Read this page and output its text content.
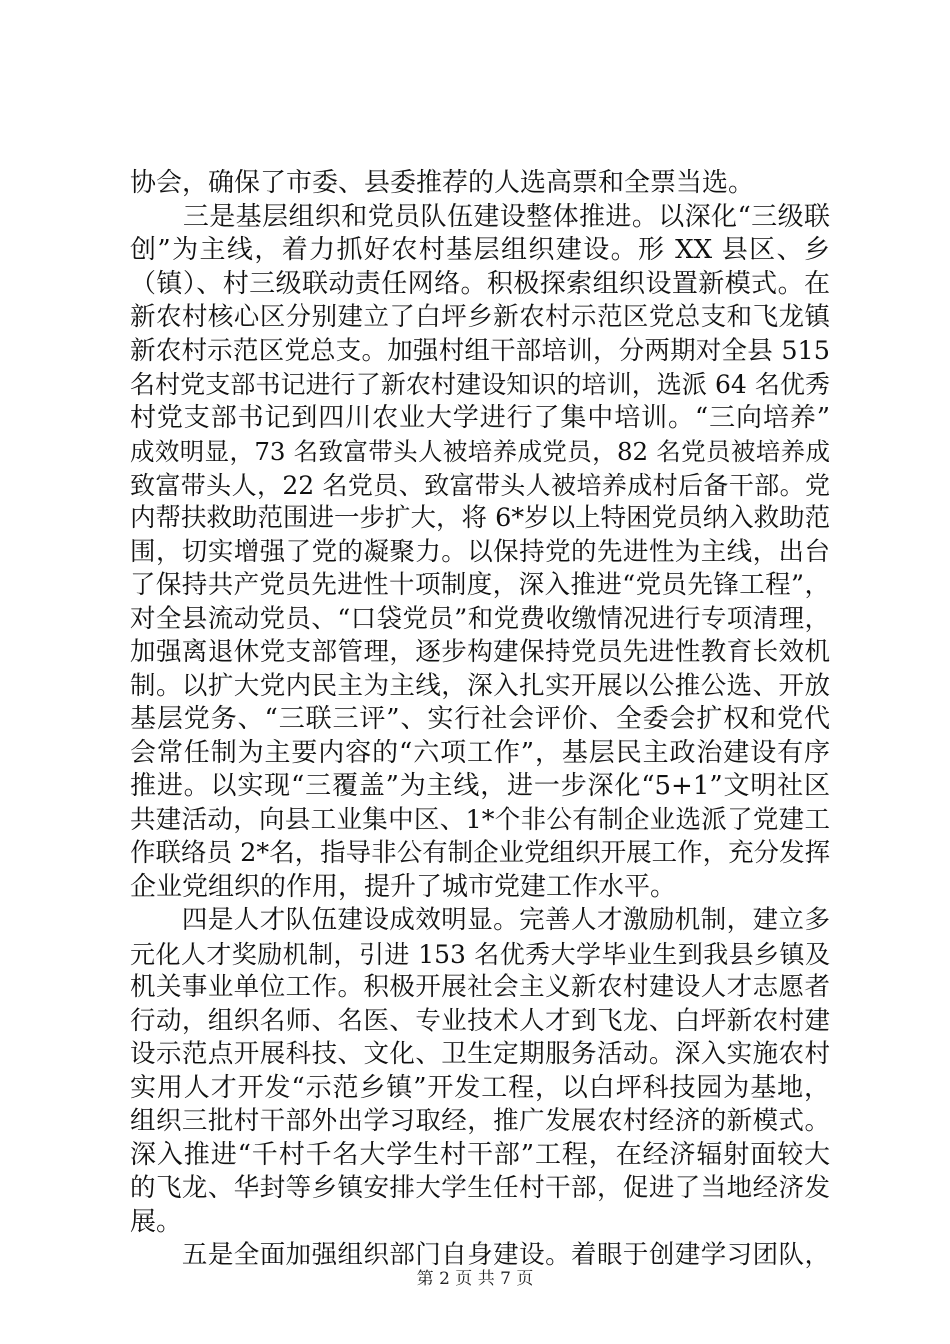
协会，确保了市委、县委推荐的人选高票和全票当选。
　　三是基层组织和党员队伍建设整体推进。以深化“三级联
创”为主线，着力抓好农村基层组织建设。形 XX 县区、乡
（镇）、村三级联动责任网络。积极探索组织设置新模式。在
新农村核心区分别建立了白坪乡新农村示范区党总支和飞龙镇
新农村示范区党总支。加强村组干部培训，分两期对全县 515
名村党支部书记进行了新农村建设知识的培训，选派 64 名优秀
村党支部书记到四川农业大学进行了集中培训。“三向培养”
成效明显，73 名致富带头人被培养成党员，82 名党员被培养成
致富带头人，22 名党员、致富带头人被培养成村后备干部。党
内帮扶救助范围进一步扩大，将 6*岁以上特困党员纳入救助范
围，切实增强了党的凝聚力。以保持党的先进性为主线，出台
了保持共产党员先进性十项制度，深入推进“党员先锋工程”，
对全县流动党员、“口袋党员”和党费收缴情况进行专项清理，
加强离退休党支部管理，逐步构建保持党员先进性教育长效机
制。以扩大党内民主为主线，深入扎实开展以公推公选、开放
基层党务、“三联三评”、实行社会评价、全委会扩权和党代
会常任制为主要内容的“六项工作”，基层民主政治建设有序
推进。以实现“三覆盖”为主线，进一步深化“5+1”文明社区
共建活动，向县工业集中区、1*个非公有制企业选派了党建工
作联络员 2*名，指导非公有制企业党组织开展工作，充分发挥
企业党组织的作用，提升了城市党建工作水平。
　　四是人才队伍建设成效明显。完善人才激励机制，建立多
元化人才奖励机制，引进 153 名优秀大学毕业生到我县乡镇及
机关事业单位工作。积极开展社会主义新农村建设人才志愿者
行动，组织名师、名医、专业技术人才到飞龙、白坪新农村建
设示范点开展科技、文化、卫生定期服务活动。深入实施农村
实用人才开发“示范乡镇”开发工程，以白坪科技园为基地，
组织三批村干部外出学习取经，推广发展农村经济的新模式。
深入推进“千村千名大学生村干部”工程，在经济辐射面较大
的飞龙、华封等乡镇安排大学生任村干部，促进了当地经济发
展。
　　五是全面加强组织部门自身建设。着眼于创建学习团队，
第 2 页 共 7 页
